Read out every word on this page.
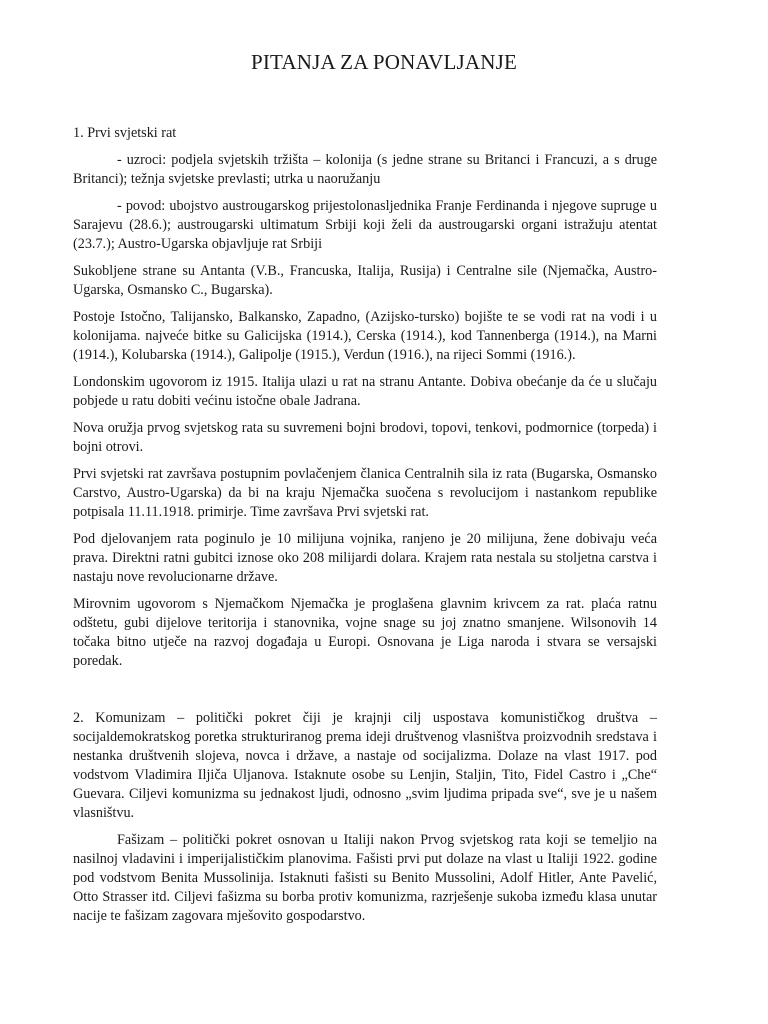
PITANJA ZA PONAVLJANJE

1. Prvi svjetski rat

- uzroci: podjela svjetskih tržišta – kolonija (s jedne strane su Britanci i Francuzi, a s druge Britanci); težnja svjetske prevlasti; utrka u naoružanju

- povod: ubojstvo austrougarskog prijestolonasljednika Franje Ferdinanda i njegove supruge u Sarajevu (28.6.); austrougarski ultimatum Srbiji koji želi da austrougarski organi istražuju atentat (23.7.); Austro-Ugarska objavljuje rat Srbiji

Sukobljene strane su Antanta (V.B., Francuska, Italija, Rusija) i Centralne sile (Njemačka, Austro-Ugarska, Osmansko C., Bugarska).

Postoje Istočno, Talijansko, Balkansko, Zapadno, (Azijsko-tursko) bojište te se vodi rat na vodi i u kolonijama. najveće bitke su Galicijska (1914.), Cerska (1914.), kod Tannenberga (1914.), na Marni (1914.), Kolubarska (1914.), Galipolje (1915.), Verdun (1916.), na rijeci Sommi (1916.).

Londonskim ugovorom iz 1915. Italija ulazi u rat na stranu Antante. Dobiva obećanje da će u slučaju pobjede u ratu dobiti većinu istočne obale Jadrana.

Nova oružja prvog svjetskog rata su suvremeni bojni brodovi, topovi, tenkovi, podmornice (torpeda) i bojni otrovi.

Prvi svjetski rat završava postupnim povlačenjem članica Centralnih sila iz rata (Bugarska, Osmansko Carstvo, Austro-Ugarska) da bi na kraju Njemačka suočena s revolucijom i nastankom republike potpisala 11.11.1918. primirje. Time završava Prvi svjetski rat.

Pod djelovanjem rata poginulo je 10 milijuna vojnika, ranjeno je 20 milijuna, žene dobivaju veća prava. Direktni ratni gubitci iznose oko 208 milijardi dolara. Krajem rata nestala su stoljetna carstva i nastaju nove revolucionarne države.

Mirovnim ugovorom s Njemačkom Njemačka je proglašena glavnim krivcem za rat. plaća ratnu odštetu, gubi dijelove teritorija i stanovnika, vojne snage su joj znatno smanjene. Wilsonovih 14 točaka bitno utječe na razvoj događaja u Europi. Osnovana je Liga naroda i stvara se versajski poredak.

2. Komunizam – politički pokret čiji je krajnji cilj uspostava komunističkog društva – socijaldemokratskog poretka strukturiranog prema ideji društvenog vlasništva proizvodnih sredstava i nestanka društvenih slojeva, novca i države, a nastaje od socijalizma. Dolaze na vlast 1917. pod vodstvom Vladimira Iljiča Uljanova. Istaknute osobe su Lenjin, Staljin, Tito, Fidel Castro i „Che“ Guevara. Ciljevi komunizma su jednakost ljudi, odnosno „svim ljudima pripada sve“, sve je u našem vlasništvu.

Fašizam – politički pokret osnovan u Italiji nakon Prvog svjetskog rata koji se temeljio na nasilnoj vladavini i imperijalističkim planovima. Fašisti prvi put dolaze na vlast u Italiji 1922. godine pod vodstvom Benita Mussolinija. Istaknuti fašisti su Benito Mussolini, Adolf Hitler, Ante Pavelić, Otto Strasser itd. Ciljevi fašizma su borba protiv komunizma, razrješenje sukoba između klasa unutar nacije te fašizam zagovara mješovito gospodarstvo.
